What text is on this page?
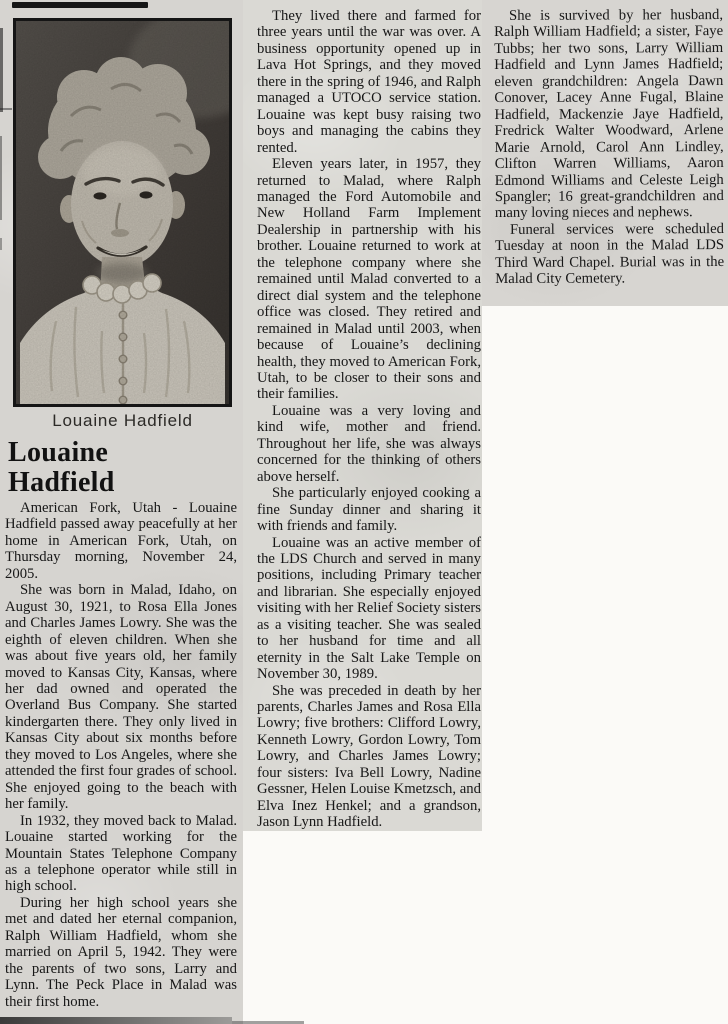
Louaine Hadfield
Louaine
Hadfield

American Fork, Utah - Louaine Hadfield passed away peacefully at her home in American Fork, Utah, on Thursday morning, November 24, 2005.

She was born in Malad, Idaho, on August 30, 1921, to Rosa Ella Jones and Charles James Lowry. She was the eighth of eleven children. When she was about five years old, her family moved to Kansas City, Kansas, where her dad owned and operated the Overland Bus Company. She started kindergarten there. They only lived in Kansas City about six months before they moved to Los Angeles, where she attended the first four grades of school. She enjoyed going to the beach with her family.

In 1932, they moved back to Malad. Louaine started working for the Mountain States Telephone Company as a telephone operator while still in high school.

During her high school years she met and dated her eternal companion, Ralph William Hadfield, whom she married on April 5, 1942. They were the parents of two sons, Larry and Lynn. The Peck Place in Malad was their first home.

They lived there and farmed for three years until the war was over. A business opportunity opened up in Lava Hot Springs, and they moved there in the spring of 1946, and Ralph managed a UTOCO service station. Louaine was kept busy raising two boys and managing the cabins they rented.

Eleven years later, in 1957, they returned to Malad, where Ralph managed the Ford Automobile and New Holland Farm Implement Dealership in partnership with his brother. Louaine returned to work at the telephone company where she remained until Malad converted to a direct dial system and the telephone office was closed. They retired and remained in Malad until 2003, when because of Louaine’s declining health, they moved to American Fork, Utah, to be closer to their sons and their families.

Louaine was a very loving and kind wife, mother and friend. Throughout her life, she was always concerned for the thinking of others above herself.

She particularly enjoyed cooking a fine Sunday dinner and sharing it with friends and family.

Louaine was an active member of the LDS Church and served in many positions, including Primary teacher and librarian. She especially enjoyed visiting with her Relief Society sisters as a visiting teacher. She was sealed to her husband for time and all eternity in the Salt Lake Temple on November 30, 1989.

She was preceded in death by her parents, Charles James and Rosa Ella Lowry; five brothers: Clifford Lowry, Kenneth Lowry, Gordon Lowry, Tom Lowry, and Charles James Lowry; four sisters: Iva Bell Lowry, Nadine Gessner, Helen Louise Kmetzsch, and Elva Inez Henkel; and a grandson, Jason Lynn Hadfield.

She is survived by her husband, Ralph William Hadfield; a sister, Faye Tubbs; her two sons, Larry William Hadfield and Lynn James Hadfield; eleven grandchildren: Angela Dawn Conover, Lacey Anne Fugal, Blaine Hadfield, Mackenzie Jaye Hadfield, Fredrick Walter Woodward, Arlene Marie Arnold, Carol Ann Lindley, Clifton Warren Williams, Aaron Edmond Williams and Celeste Leigh Spangler; 16 great-grandchildren and many loving nieces and nephews.

Funeral services were scheduled Tuesday at noon in the Malad LDS Third Ward Chapel. Burial was in the Malad City Cemetery.
